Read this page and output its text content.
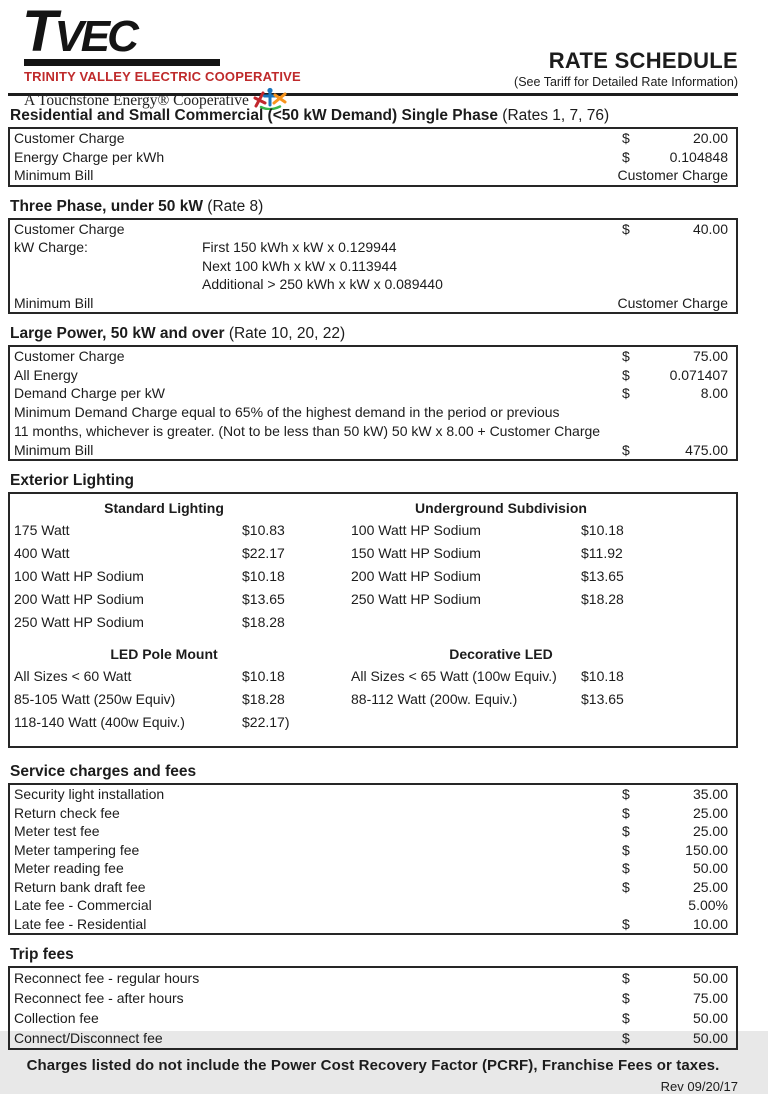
TVEC
TRINITY VALLEY ELECTRIC COOPERATIVE
A Touchstone Energy® Cooperative
RATE SCHEDULE
(See Tariff for Detailed Rate Information)
Residential and Small Commercial (<50 kW Demand) Single Phase (Rates 1, 7, 76)
Customer Charge	$	20.00
Energy Charge per kWh	$	0.104848
Minimum Bill	Customer Charge
Three Phase, under 50 kW (Rate 8)
Customer Charge	$	40.00
kW Charge:	First 150 kWh x kW x 0.129944
Next 100 kWh x kW x 0.113944
Additional > 250 kWh x kW x 0.089440
Minimum Bill	Customer Charge
Large Power, 50 kW and over (Rate 10, 20, 22)
Customer Charge	$	75.00
All Energy	$	0.071407
Demand Charge per kW	$	8.00
Minimum Demand Charge equal to 65% of the highest demand in the period or previous
11 months, whichever is greater. (Not to be less than 50 kW) 50 kW x 8.00 + Customer Charge
Minimum Bill	$	475.00
Exterior Lighting
Standard Lighting
175 Watt	$10.83
400 Watt	$22.17
100 Watt HP Sodium	$10.18
200 Watt HP Sodium	$13.65
250 Watt HP Sodium	$18.28
Underground Subdivision
100 Watt HP Sodium	$10.18
150 Watt HP Sodium	$11.92
200 Watt HP Sodium	$13.65
250 Watt HP Sodium	$18.28
LED Pole Mount
All Sizes < 60 Watt	$10.18
85-105 Watt (250w Equiv)	$18.28
118-140 Watt (400w Equiv.)	$22.17)
Decorative LED
All Sizes < 65 Watt (100w Equiv.)	$10.18
88-112 Watt (200w. Equiv.)	$13.65
Service charges and fees
Security light installation	$	35.00
Return check fee	$	25.00
Meter test fee	$	25.00
Meter tampering fee	$	150.00
Meter reading fee	$	50.00
Return bank draft fee	$	25.00
Late fee - Commercial	5.00%
Late fee - Residential	$	10.00
Trip fees
Reconnect fee - regular hours	$	50.00
Reconnect fee - after hours	$	75.00
Collection fee	$	50.00
Connect/Disconnect fee	$	50.00
Charges listed do not include the Power Cost Recovery Factor (PCRF), Franchise Fees or taxes.
Rev 09/20/17
